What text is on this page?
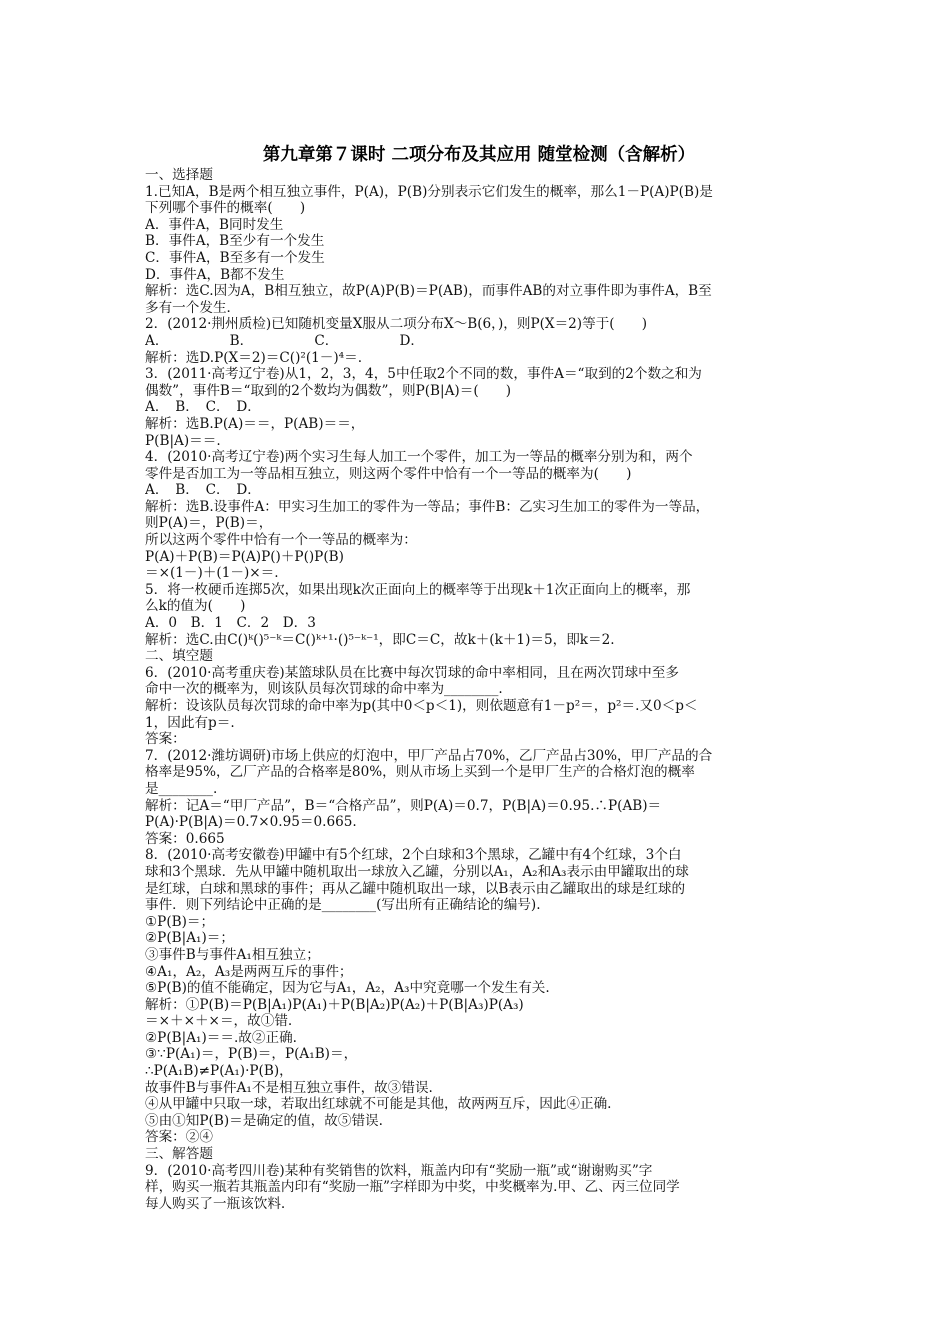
第九章第７课时 二项分布及其应用 随堂检测（含解析）
一、选择题
1.已知A，B是两个相互独立事件，P(A)，P(B)分别表示它们发生的概率，那么1－P(A)P(B)是
下列哪个事件的概率(　　)
A．事件A，B同时发生
B．事件A，B至少有一个发生
C．事件A，B至多有一个发生
D．事件A，B都不发生
解析：选C.因为A，B相互独立，故P(A)P(B)＝P(AB)，而事件AB的对立事件即为事件A，B至
多有一个发生．
2．(2012·荆州质检)已知随机变量X服从二项分布X～B(6，)，则P(X＝2)等于(　　)
A．　　　　　B．　　　　　C．　　　　　D．
解析：选D.P(X＝2)＝C()²(1－)⁴＝.
3．(2011·高考辽宁卷)从1，2，3，4，5中任取2个不同的数，事件A＝“取到的2个数之和为
偶数”，事件B＝“取到的2个数均为偶数”，则P(B|A)＝(　　)
A．　B．　C．　D．
解析：选B.P(A)＝＝，P(AB)＝＝，
P(B|A)＝＝.
4．(2010·高考辽宁卷)两个实习生每人加工一个零件，加工为一等品的概率分别为和，两个
零件是否加工为一等品相互独立，则这两个零件中恰有一个一等品的概率为(　　)
A．　B．　C．　D．
解析：选B.设事件A：甲实习生加工的零件为一等品；事件B：乙实习生加工的零件为一等品，
则P(A)＝，P(B)＝，
所以这两个零件中恰有一个一等品的概率为：
P(A)＋P(B)＝P(A)P()＋P()P(B)
＝×(1－)＋(1－)×＝.
5．将一枚硬币连掷5次，如果出现k次正面向上的概率等于出现k＋1次正面向上的概率，那
么k的值为(　　)
A．0　B．1　C．2　D．3
解析：选C.由C()ᵏ()⁵⁻ᵏ＝C()ᵏ⁺¹·()⁵⁻ᵏ⁻¹，即C＝C，故k＋(k＋1)＝5，即k＝2.
二、填空题
6．(2010·高考重庆卷)某篮球队员在比赛中每次罚球的命中率相同，且在两次罚球中至多
命中一次的概率为，则该队员每次罚球的命中率为________.
解析：设该队员每次罚球的命中率为p(其中0＜p＜1)，则依题意有1－p²＝，p²＝.又0＜p＜
1，因此有p＝.
答案：
7．(2012·潍坊调研)市场上供应的灯泡中，甲厂产品占70%，乙厂产品占30%，甲厂产品的合
格率是95%，乙厂产品的合格率是80%，则从市场上买到一个是甲厂生产的合格灯泡的概率
是________.
解析：记A＝“甲厂产品”，B＝“合格产品”，则P(A)＝0.7，P(B|A)＝0.95.∴P(AB)＝
P(A)·P(B|A)＝0.7×0.95＝0.665.
答案：0.665
8．(2010·高考安徽卷)甲罐中有5个红球，2个白球和3个黑球，乙罐中有4个红球，3个白
球和3个黑球．先从甲罐中随机取出一球放入乙罐，分别以A₁，A₂和A₃表示由甲罐取出的球
是红球，白球和黑球的事件；再从乙罐中随机取出一球，以B表示由乙罐取出的球是红球的
事件．则下列结论中正确的是________(写出所有正确结论的编号).
①P(B)＝；
②P(B|A₁)＝；
③事件B与事件A₁相互独立；
④A₁，A₂，A₃是两两互斥的事件；
⑤P(B)的值不能确定，因为它与A₁，A₂，A₃中究竟哪一个发生有关.
解析：①P(B)＝P(B|A₁)P(A₁)＋P(B|A₂)P(A₂)＋P(B|A₃)P(A₃)
＝×＋×＋×＝，故①错.
②P(B|A₁)＝＝.故②正确.
③∵P(A₁)＝，P(B)＝，P(A₁B)＝，
∴P(A₁B)≠P(A₁)·P(B)，
故事件B与事件A₁不是相互独立事件，故③错误.
④从甲罐中只取一球，若取出红球就不可能是其他，故两两互斥，因此④正确.
⑤由①知P(B)＝是确定的值，故⑤错误.
答案：②④
三、解答题
9．(2010·高考四川卷)某种有奖销售的饮料，瓶盖内印有“奖励一瓶”或“谢谢购买”字
样，购买一瓶若其瓶盖内印有“奖励一瓶”字样即为中奖，中奖概率为.甲、乙、丙三位同学
每人购买了一瓶该饮料.
